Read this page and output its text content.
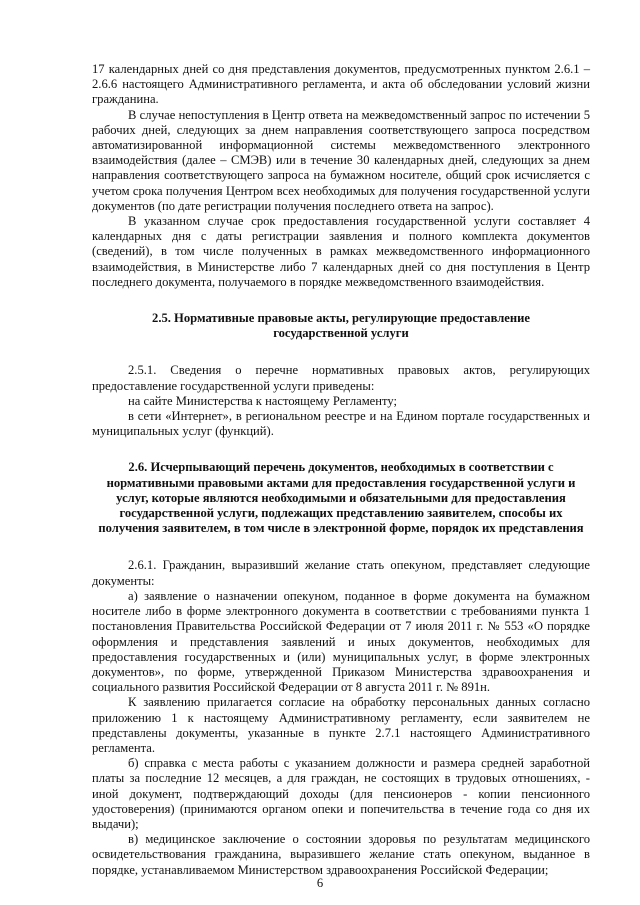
17 календарных дней со дня представления документов, предусмотренных пунктом 2.6.1 – 2.6.6 настоящего Административного регламента, и акта об обследовании условий жизни гражданина.

В случае непоступления в Центр ответа на межведомственный запрос по истечении 5 рабочих дней, следующих за днем направления соответствующего запроса посредством автоматизированной информационной системы межведомственного электронного взаимодействия (далее – СМЭВ) или в течение 30 календарных дней, следующих за днем направления соответствующего запроса на бумажном носителе, общий срок исчисляется с учетом срока получения Центром всех необходимых для получения государственной услуги документов (по дате регистрации получения последнего ответа на запрос).

В указанном случае срок предоставления государственной услуги составляет 4 календарных дня с даты регистрации заявления и полного комплекта документов (сведений), в том числе полученных в рамках межведомственного информационного взаимодействия, в Министерстве либо 7 календарных дней со дня поступления в Центр последнего документа, получаемого в порядке межведомственного взаимодействия.

2.5. Нормативные правовые акты, регулирующие предоставление государственной услуги

2.5.1. Сведения о перечне нормативных правовых актов, регулирующих предоставление государственной услуги приведены:

на сайте Министерства к настоящему Регламенту;

в сети «Интернет», в региональном реестре и на Едином портале государственных и муниципальных услуг (функций).

2.6. Исчерпывающий перечень документов, необходимых в соответствии с нормативными правовыми актами для предоставления государственной услуги и услуг, которые являются необходимыми и обязательными для предоставления государственной услуги, подлежащих представлению заявителем, способы их получения заявителем, в том числе в электронной форме, порядок их представления

2.6.1. Гражданин, выразивший желание стать опекуном, представляет следующие документы:

а) заявление о назначении опекуном, поданное в форме документа на бумажном носителе либо в форме электронного документа в соответствии с требованиями пункта 1 постановления Правительства Российской Федерации от 7 июля 2011 г. № 553 «О порядке оформления и представления заявлений и иных документов, необходимых для предоставления государственных и (или) муниципальных услуг, в форме электронных документов», по форме, утвержденной Приказом Министерства здравоохранения и социального развития Российской Федерации от 8 августа 2011 г. № 891н.

К заявлению прилагается согласие на обработку персональных данных согласно приложению 1 к настоящему Административному регламенту, если заявителем не представлены документы, указанные в пункте 2.7.1 настоящего Административного регламента.

б) справка с места работы с указанием должности и размера средней заработной платы за последние 12 месяцев, а для граждан, не состоящих в трудовых отношениях, - иной документ, подтверждающий доходы (для пенсионеров - копии пенсионного удостоверения) (принимаются органом опеки и попечительства в течение года со дня их выдачи);

в) медицинское заключение о состоянии здоровья по результатам медицинского освидетельствования гражданина, выразившего желание стать опекуном, выданное в порядке, устанавливаемом Министерством здравоохранения Российской Федерации;

6
